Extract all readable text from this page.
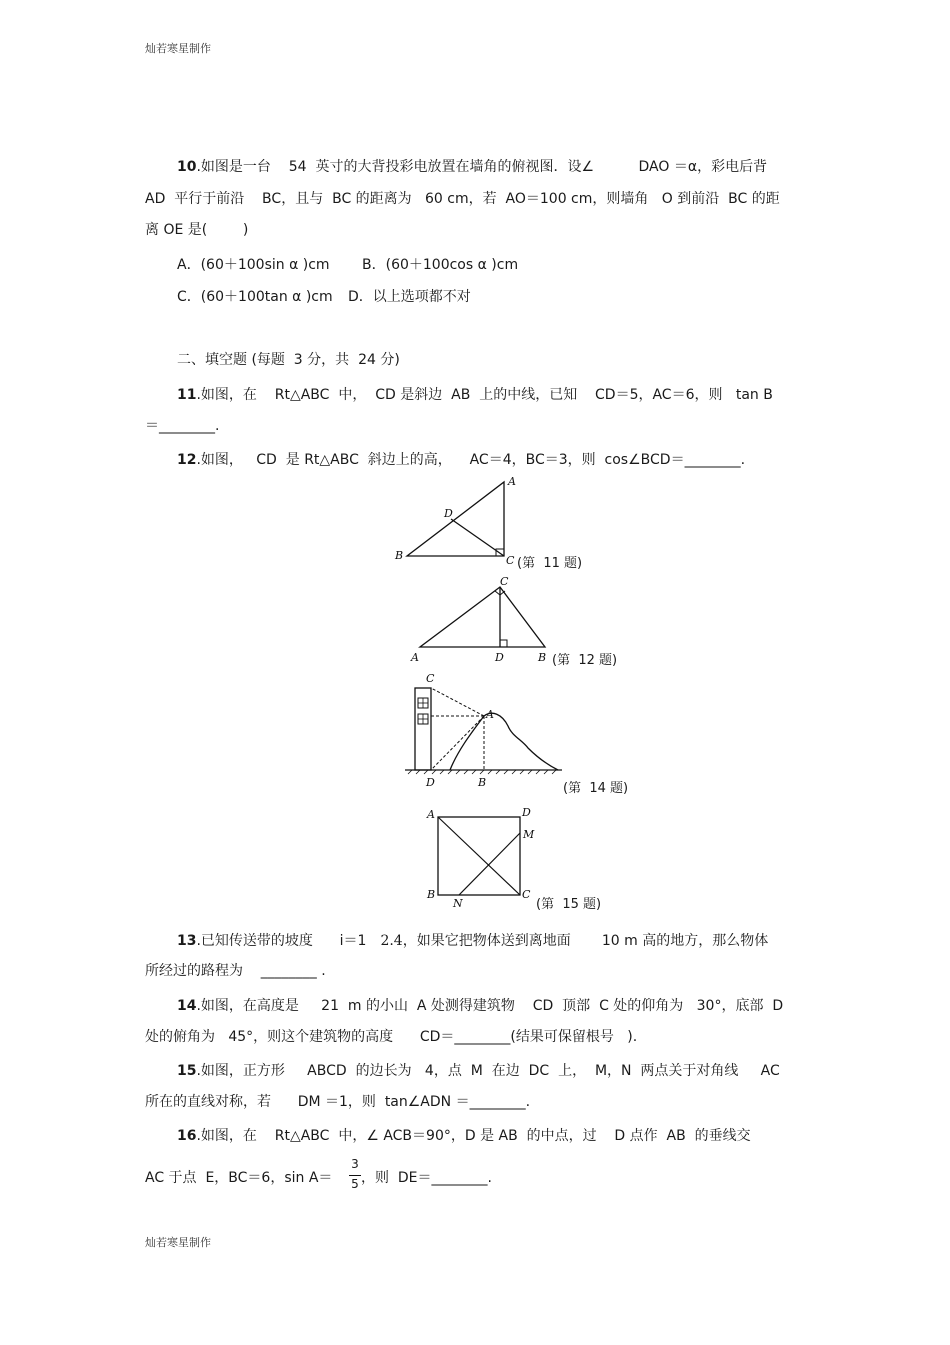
灿若寒星制作
10.如图是一台    54  英寸的大背投彩电放置在墙角的俯视图．设∠          DAO ＝α，彩电后背
AD  平行于前沿    BC，且与  BC 的距离为   60 cm，若  AO＝100 cm，则墙角   O 到前沿  BC 的距
离 OE 是(        )
A．(60＋100sin α )cm B．(60＋100cos α )cm
C．(60＋100tan α )cm D．以上选项都不对
二、填空题 (每题  3 分，共  24 分)
11.如图，在    Rt△ABC  中，  CD 是斜边  AB  上的中线，已知    CD＝5，AC＝6，则   tan B
＝________.
12.如图，   CD  是 Rt△ABC  斜边上的高，    AC＝4，BC＝3，则  cos∠BCD＝________.
A
B	C
D
(第  11 题)
C
A	D	B (第  12 题)
C
A
D	B	(第  14 题)
A	D
M
B
N
C
(第  15 题)
13.已知传送带的坡度      i＝1 2.4，如果它把物体送到离地面       10 m 高的地方，那么物体
所经过的路程为    ________ .
14.如图，在高度是     21  m 的小山  A 处测得建筑物    CD  顶部  C 处的仰角为   30°，底部  D
处的俯角为   45°，则这个建筑物的高度      CD＝________(结果可保留根号   ).
15.如图，正方形     ABCD  的边长为   4，点  M  在边  DC  上，  M，N  两点关于对角线     AC
所在的直线对称，若      DM ＝1，则  tan∠ADN ＝________.
16.如图，在    Rt△ABC  中，∠ ACB＝90°，D 是 AB  的中点，过    D 点作  AB  的垂线交
AC 于点  E，BC＝6，sin A＝
3
5 ，则  DE＝________.
灿若寒星制作
